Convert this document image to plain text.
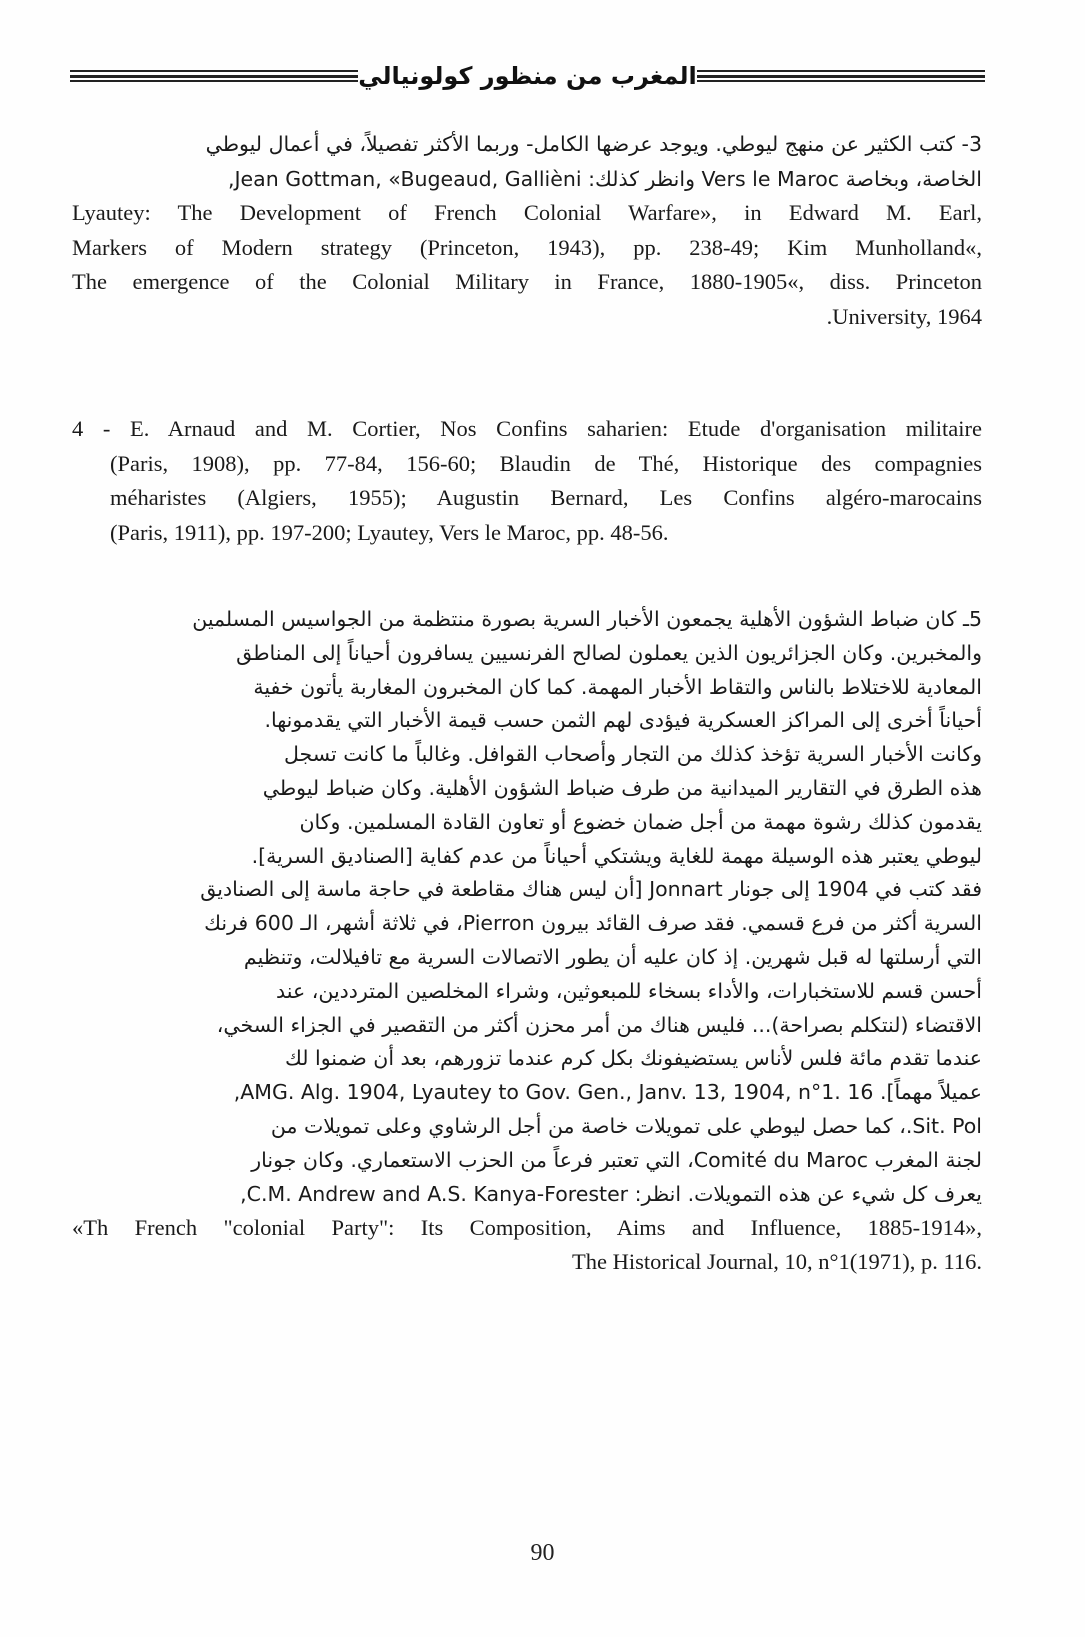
المغرب من منظور كولونيالي
3- كتب الكثير عن منهج ليوطي. ويوجد عرضها الكامل- وربما الأكثر تفصيلاً، في أعمال ليوطي
الخاصة، وبخاصة Vers le Maroc وانظر كذلك: Jean Gottman, «Bugeaud, Gallièni,
Lyautey: The Development of French Colonial Warfare», in Edward M. Earl,
Markers of Modern strategy (Princeton, 1943), pp. 238-49; Kim Munholland«,
The emergence of the Colonial Military in France, 1880-1905«, diss. Princeton
.University, 1964
4 - E. Arnaud and M. Cortier, Nos Confins saharien: Etude d'organisation militaire
(Paris, 1908), pp. 77-84, 156-60; Blaudin de Thé, Historique des compagnies
méharistes (Algiers, 1955); Augustin Bernard, Les Confins algéro-marocains
(Paris, 1911), pp. 197-200; Lyautey, Vers le Maroc, pp. 48-56.
5ـ كان ضباط الشؤون الأهلية يجمعون الأخبار السرية بصورة منتظمة من الجواسيس المسلمين
والمخبرين. وكان الجزائريون الذين يعملون لصالح الفرنسيين يسافرون أحياناً إلى المناطق
المعادية للاختلاط بالناس والتقاط الأخبار المهمة. كما كان المخبرون المغاربة يأتون خفية
أحياناً أخرى إلى المراكز العسكرية فيؤدى لهم الثمن حسب قيمة الأخبار التي يقدمونها.
وكانت الأخبار السرية تؤخذ كذلك من التجار وأصحاب القوافل. وغالباً ما كانت تسجل
هذه الطرق في التقارير الميدانية من طرف ضباط الشؤون الأهلية. وكان ضباط ليوطي
يقدمون كذلك رشوة مهمة من أجل ضمان خضوع أو تعاون القادة المسلمين. وكان
ليوطي يعتبر هذه الوسيلة مهمة للغاية ويشتكي أحياناً من عدم كفاية [الصناديق السرية].
فقد كتب في 1904 إلى جونار Jonnart [أن ليس هناك مقاطعة في حاجة ماسة إلى الصناديق
السرية أكثر من فرع قسمي. فقد صرف القائد بيرون Pierron، في ثلاثة أشهر، الـ 600 فرنك
التي أرسلتها له قبل شهرين. إذ كان عليه أن يطور الاتصالات السرية مع تافيلالت، وتنظيم
أحسن قسم للاستخبارات، والأداء بسخاء للمبعوثين، وشراء المخلصين المترددين، عند
الاقتضاء (لنتكلم بصراحة)... فليس هناك من أمر محزن أكثر من التقصير في الجزاء السخي،
عندما تقدم مائة فلس لأناس يستضيفونك بكل كرم عندما تزورهم، بعد أن ضمنوا لك
عميلاً مهماً]. AMG. Alg. 1904, Lyautey to Gov. Gen., Janv. 13, 1904, n°1. 16,
Sit. Pol.، كما حصل ليوطي على تمويلات خاصة من أجل الرشاوي وعلى تمويلات من
لجنة المغرب Comité du Maroc، التي تعتبر فرعاً من الحزب الاستعماري. وكان جونار
يعرف كل شيء عن هذه التمويلات. انظر: C.M. Andrew and A.S. Kanya-Forester,
«Th French "colonial Party": Its Composition, Aims and Influence, 1885-1914»,
The Historical Journal, 10, n°1(1971), p. 116.
90
